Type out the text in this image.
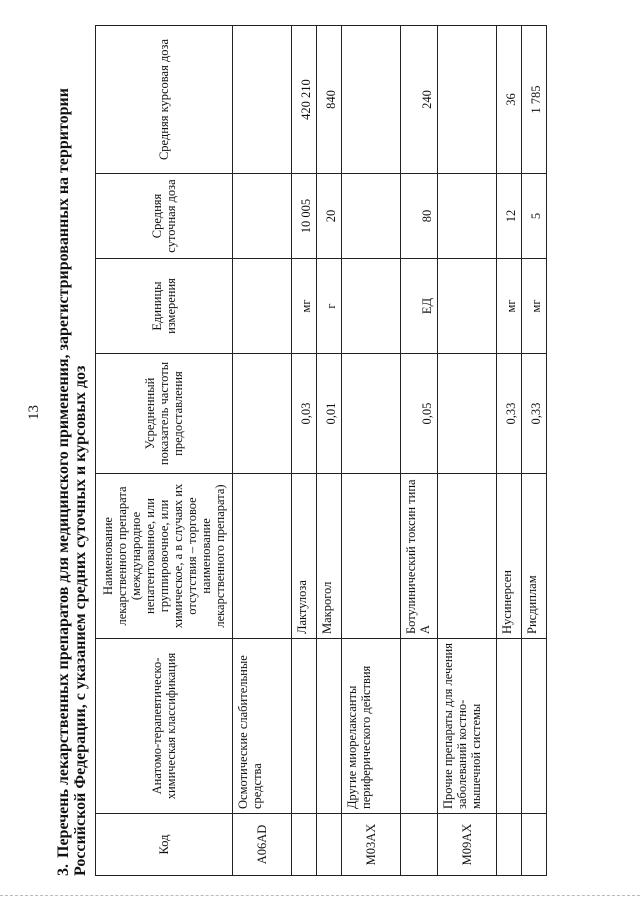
13

3.Перечень лекарственных препаратов для медицинского применения, зарегистрированных на территории Российской Федерации, с указанием средних суточных и курсовых доз	Код	Анатомо-терапевтическо-химическая классификация	Наименование лекарственного препарата (международное непатентованное, или группировочное, или химическое, а в случаях их отсутствия – торговое наименование лекарственного препарата)	Усредненный показатель частоты предоставления	Единицы измерения	Средняя суточная доза	Средняя курсовая доза
A06AD	Осмотические слабительные средства					
		Лактулоза	0,03	мг	10 005	420 210
		Макрогол	0,01	г	20	840
M03AX	Другие миорелаксанты периферического действия					
		Ботулинический токсин типа А	0,05	ЕД	80	240
M09AX	Прочие препараты для лечения заболеваний костно-мышечной системы					
		Нусинерсен	0,33	мг	12	36
		Рисдиплам	0,33	мг	5	1 785
